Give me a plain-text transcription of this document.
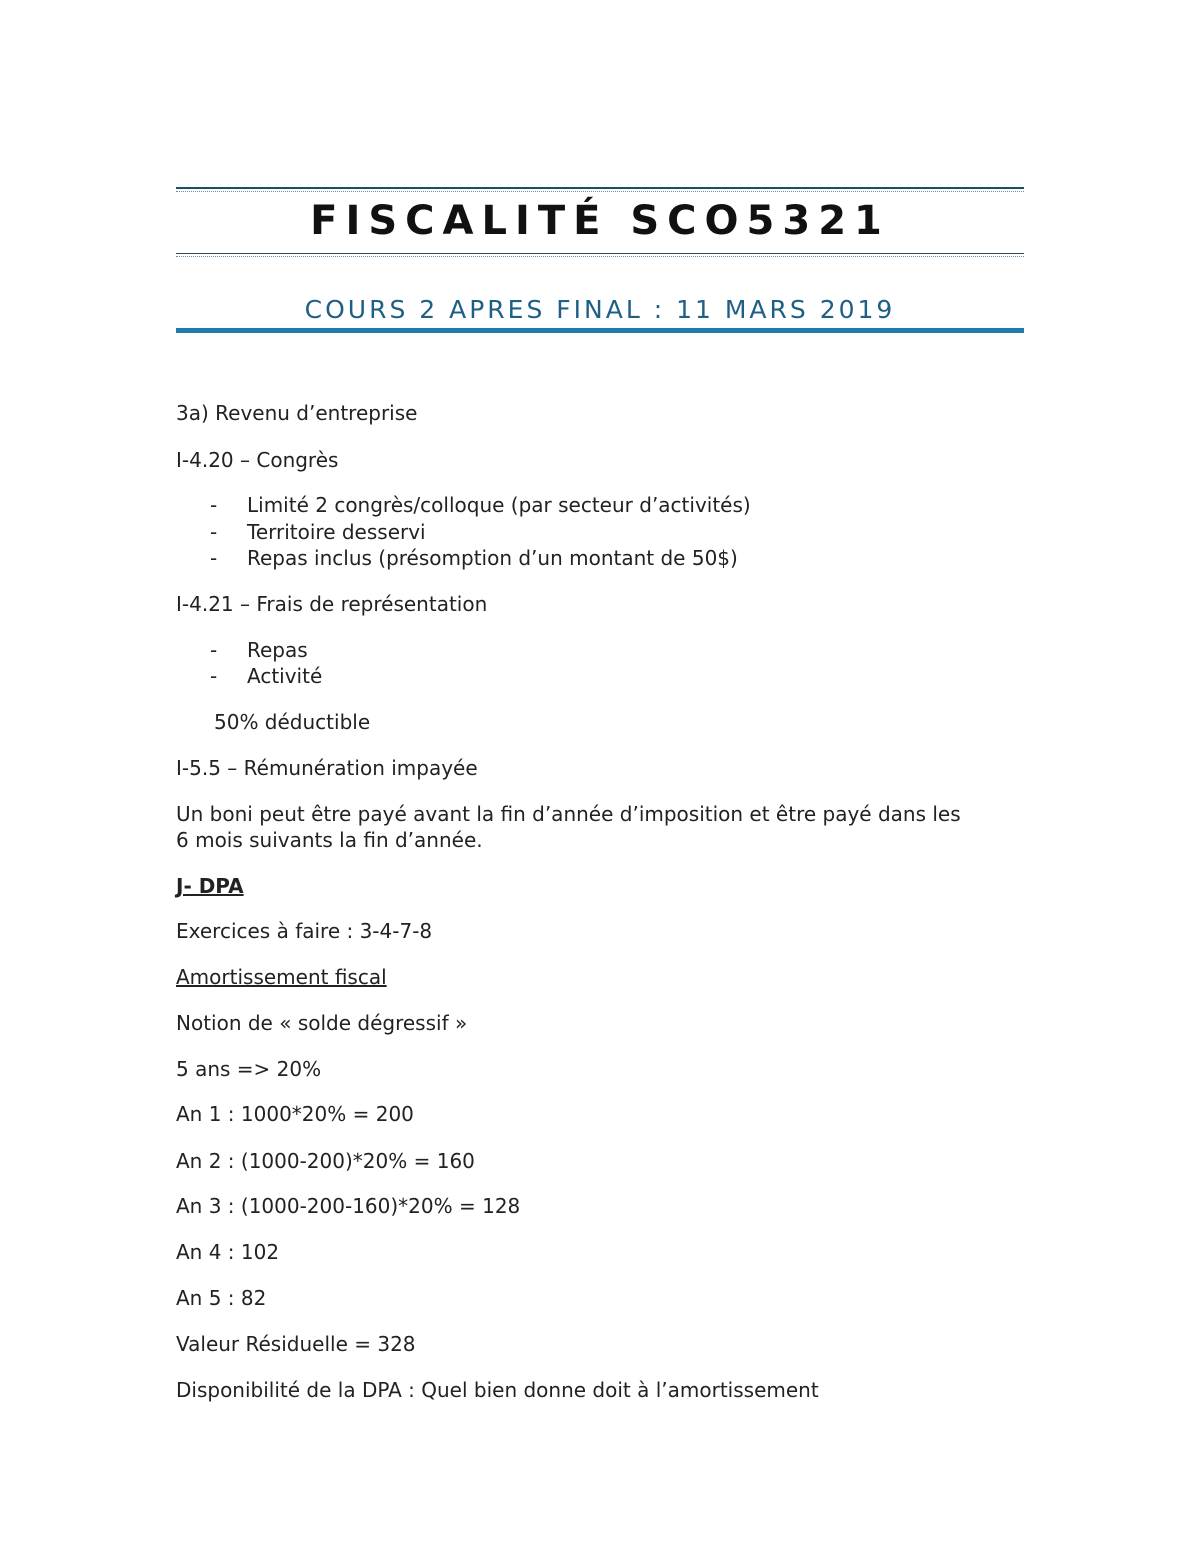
FISCALITÉ SCO5321
COURS 2 APRES FINAL : 11 MARS 2019
3a) Revenu d’entreprise
I-4.20 – Congrès
- Limité 2 congrès/colloque (par secteur d’activités)
- Territoire desservi
- Repas inclus (présomption d’un montant de 50$)
I-4.21 – Frais de représentation
- Repas
- Activité
50% déductible
I-5.5 – Rémunération impayée
Un boni peut être payé avant la fin d’année d’imposition et être payé dans les
6 mois suivants la fin d’année.
J- DPA
Exercices à faire : 3-4-7-8
Amortissement fiscal
Notion de « solde dégressif »
5 ans => 20%
An 1 : 1000*20% = 200
An 2 : (1000-200)*20% = 160
An 3 : (1000-200-160)*20% = 128
An 4 : 102
An 5 : 82
Valeur Résiduelle = 328
Disponibilité de la DPA : Quel bien donne doit à l’amortissement
